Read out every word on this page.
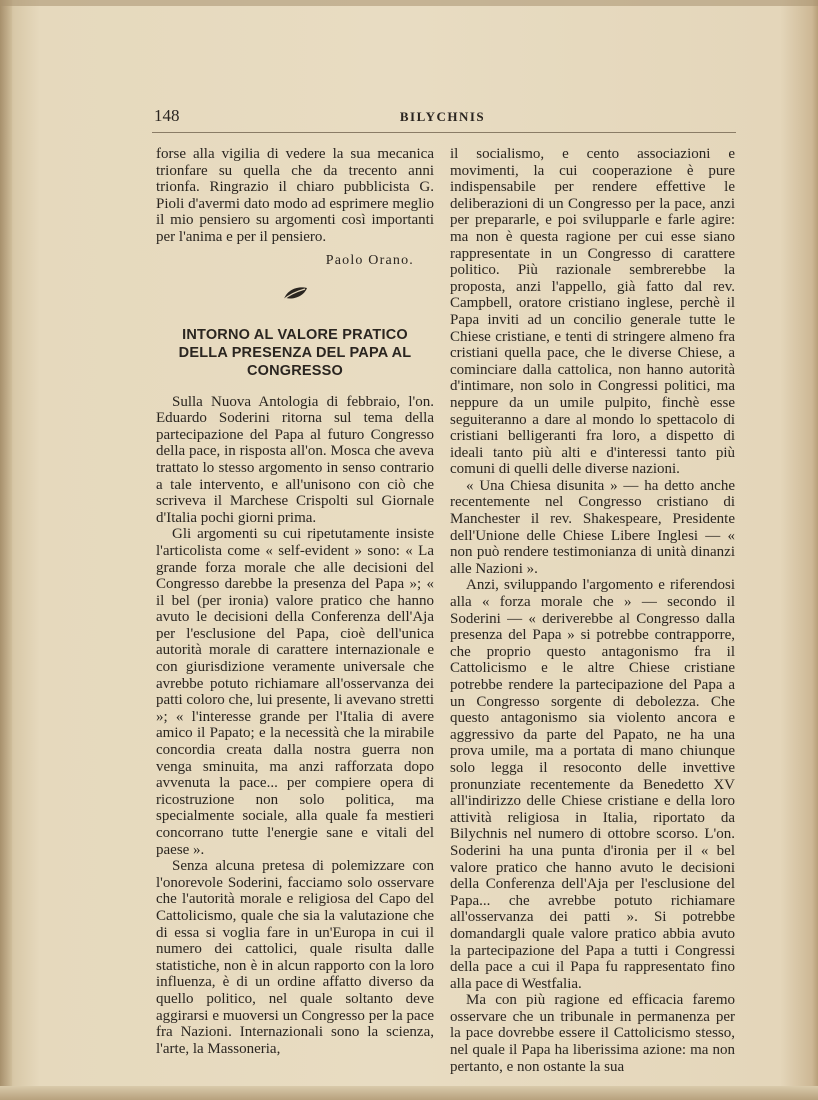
148	BILYCHNIS

forse alla vigilia di vedere la sua mecanica trionfare su quella che da trecento anni trionfa. Ringrazio il chiaro pubblicista G. Pioli d'avermi dato modo ad esprimere meglio il mio pensiero su argomenti così importanti per l'anima e per il pensiero.

Paolo Orano.

INTORNO AL VALORE PRATICO DELLA PRESENZA DEL PAPA AL CONGRESSO

Sulla Nuova Antologia di febbraio, l'on. Eduardo Soderini ritorna sul tema della partecipazione del Papa al futuro Congresso della pace, in risposta all'on. Mosca che aveva trattato lo stesso argomento in senso contrario a tale intervento, e all'unisono con ciò che scriveva il Marchese Crispolti sul Giornale d'Italia pochi giorni prima.

Gli argomenti su cui ripetutamente insiste l'articolista come « self-evident » sono: « La grande forza morale che alle decisioni del Congresso darebbe la presenza del Papa »; « il bel (per ironia) valore pratico che hanno avuto le decisioni della Conferenza dell'Aja per l'esclusione del Papa, cioè dell'unica autorità morale di carattere internazionale e con giurisdizione veramente universale che avrebbe potuto richiamare all'osservanza dei patti coloro che, lui presente, li avevano stretti »; « l'interesse grande per l'Italia di avere amico il Papato; e la necessità che la mirabile concordia creata dalla nostra guerra non venga sminuita, ma anzi rafforzata dopo avvenuta la pace... per compiere opera di ricostruzione non solo politica, ma specialmente sociale, alla quale fa mestieri concorrano tutte l'energie sane e vitali del paese ».

Senza alcuna pretesa di polemizzare con l'onorevole Soderini, facciamo solo osservare che l'autorità morale e religiosa del Capo del Cattolicismo, quale che sia la valutazione che di essa si voglia fare in un'Europa in cui il numero dei cattolici, quale risulta dalle statistiche, non è in alcun rapporto con la loro influenza, è di un ordine affatto diverso da quello politico, nel quale soltanto deve aggirarsi e muoversi un Congresso per la pace fra Nazioni. Internazionali sono la scienza, l'arte, la Massoneria,

il socialismo, e cento associazioni e movimenti, la cui cooperazione è pure indispensabile per rendere effettive le deliberazioni di un Congresso per la pace, anzi per prepararle, e poi svilupparle e farle agire: ma non è questa ragione per cui esse siano rappresentate in un Congresso di carattere politico. Più razionale sembrerebbe la proposta, anzi l'appello, già fatto dal rev. Campbell, oratore cristiano inglese, perchè il Papa inviti ad un concilio generale tutte le Chiese cristiane, e tenti di stringere almeno fra cristiani quella pace, che le diverse Chiese, a cominciare dalla cattolica, non hanno autorità d'intimare, non solo in Congressi politici, ma neppure da un umile pulpito, finchè esse seguiteranno a dare al mondo lo spettacolo di cristiani belligeranti fra loro, a dispetto di ideali tanto più alti e d'interessi tanto più comuni di quelli delle diverse nazioni.

« Una Chiesa disunita » — ha detto anche recentemente nel Congresso cristiano di Manchester il rev. Shakespeare, Presidente dell'Unione delle Chiese Libere Inglesi — « non può rendere testimonianza di unità dinanzi alle Nazioni ».

Anzi, sviluppando l'argomento e riferendosi alla « forza morale che » — secondo il Soderini — « deriverebbe al Congresso dalla presenza del Papa » si potrebbe contrapporre, che proprio questo antagonismo fra il Cattolicismo e le altre Chiese cristiane potrebbe rendere la partecipazione del Papa a un Congresso sorgente di debolezza. Che questo antagonismo sia violento ancora e aggressivo da parte del Papato, ne ha una prova umile, ma a portata di mano chiunque solo legga il resoconto delle invettive pronunziate recentemente da Benedetto XV all'indirizzo delle Chiese cristiane e della loro attività religiosa in Italia, riportato da Bilychnis nel numero di ottobre scorso. L'on. Soderini ha una punta d'ironia per il « bel valore pratico che hanno avuto le decisioni della Conferenza dell'Aja per l'esclusione del Papa... che avrebbe potuto richiamare all'osservanza dei patti ». Si potrebbe domandargli quale valore pratico abbia avuto la partecipazione del Papa a tutti i Congressi della pace a cui il Papa fu rappresentato fino alla pace di Westfalia.

Ma con più ragione ed efficacia faremo osservare che un tribunale in permanenza per la pace dovrebbe essere il Cattolicismo stesso, nel quale il Papa ha liberissima azione: ma non pertanto, e non ostante la sua
